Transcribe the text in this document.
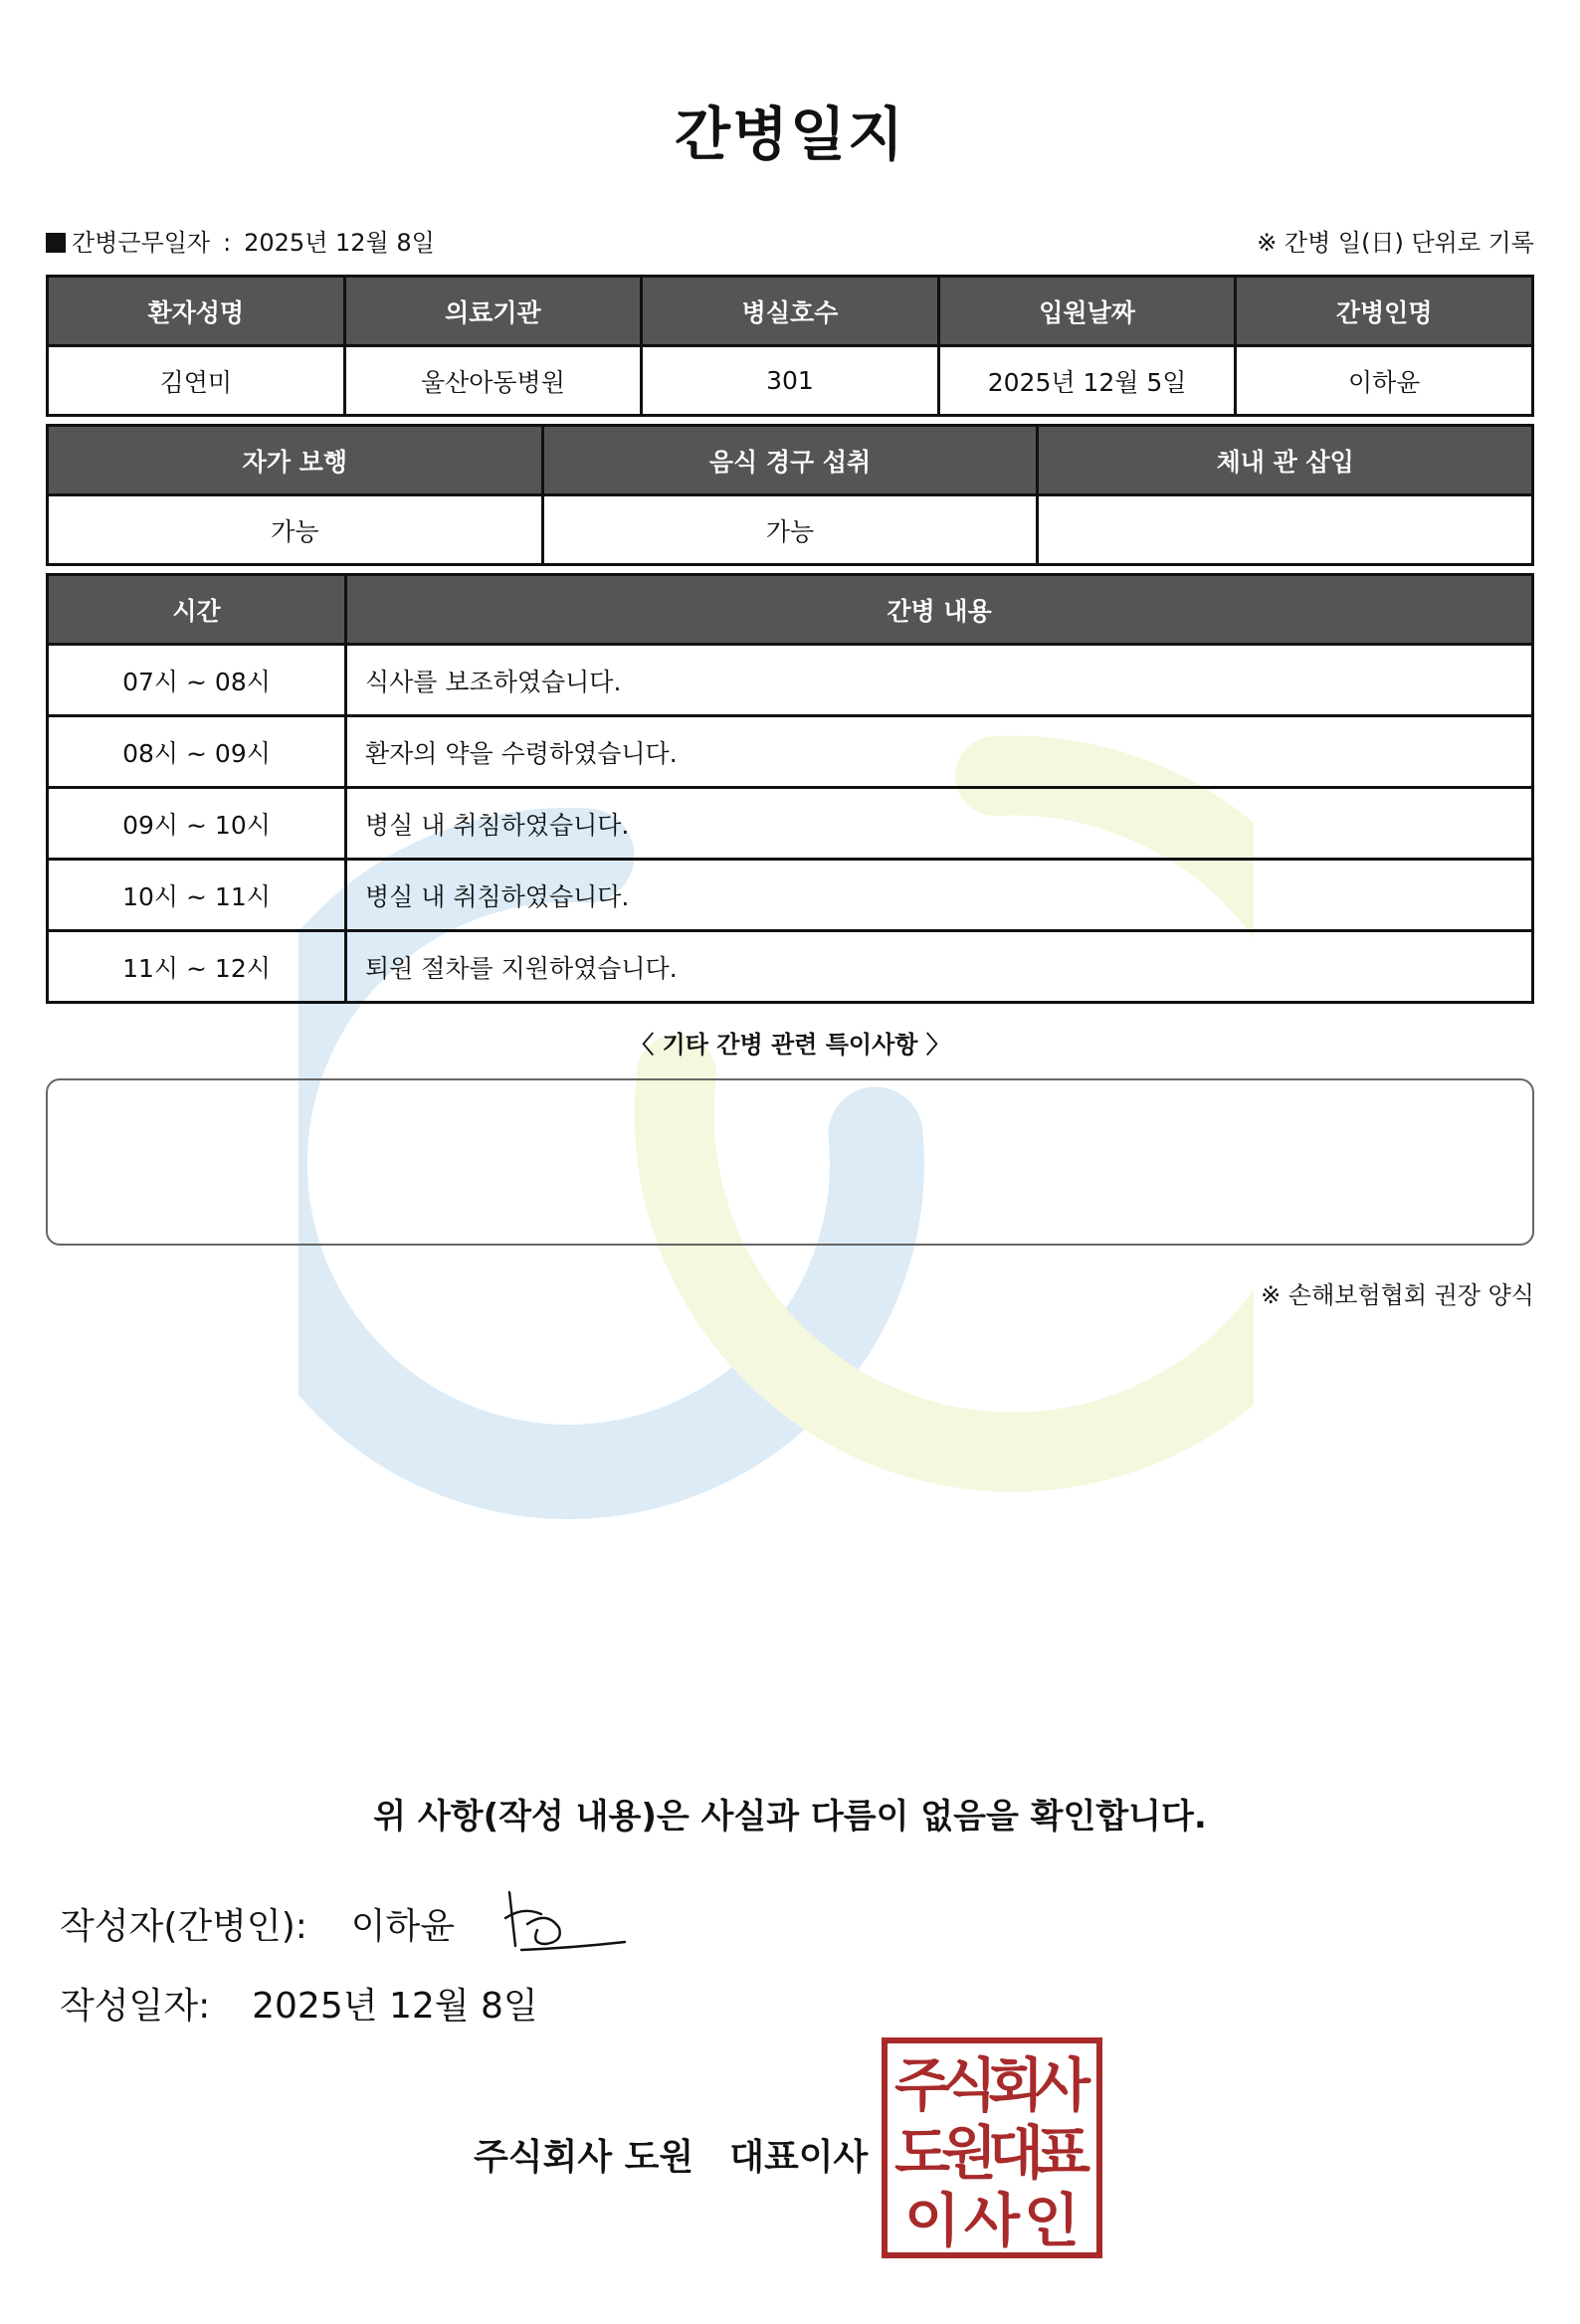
간병일지
간병근무일자 : 2025년 12월 8일	※ 간병 일(日) 단위로 기록
환자성명	의료기관	병실호수	입원날짜	간병인명
김연미	울산아동병원	301	2025년 12월 5일	이하윤
자가 보행	음식 경구 섭취	체내 관 삽입
가능	가능	
시간	간병 내용
07시 ~ 08시	식사를 보조하였습니다.
08시 ~ 09시	환자의 약을 수령하였습니다.
09시 ~ 10시	병실 내 취침하였습니다.
10시 ~ 11시	병실 내 취침하였습니다.
11시 ~ 12시	퇴원 절차를 지원하였습니다.
〈 기타 간병 관련 특이사항 〉
※ 손해보험협회 권장 양식
위 사항(작성 내용)은 사실과 다름이 없음을 확인합니다.
작성자(간병인): 이하윤
작성일자: 2025년 12월 8일
주식회사 도원 대표이사
주
식
회
사
도
원
대
표
이 사 인
